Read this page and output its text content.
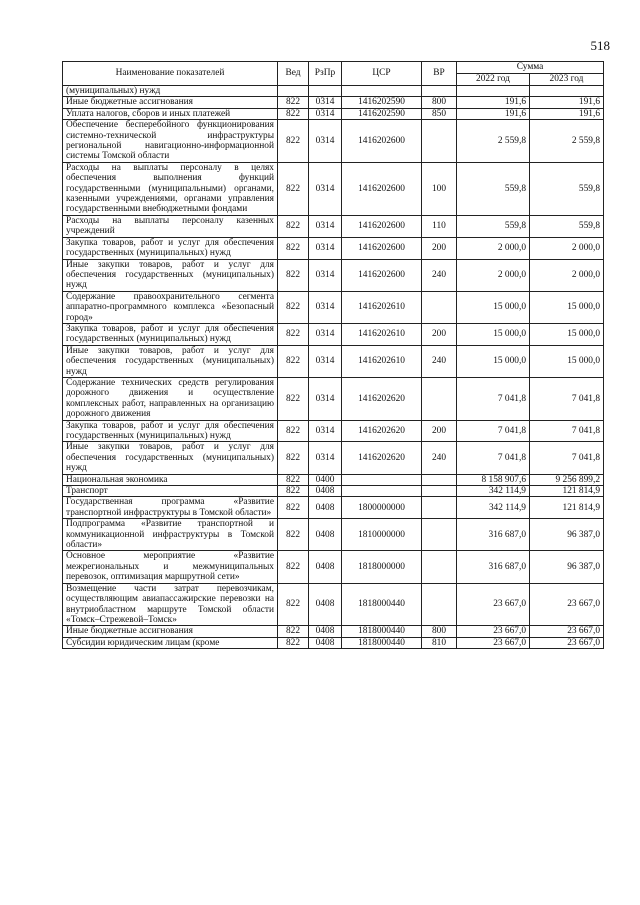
518
Наименование показателей	Вед	РзПр	ЦСР	ВР	Сумма	
					2022 год	2023 год
(муниципальных) нужд						
Иные бюджетные ассигнования	822	0314	1416202590	800	191,6	191,6
Уплата налогов, сборов и иных платежей	822	0314	1416202590	850	191,6	191,6
Обеспечение бесперебойного функционирования системно-технической инфраструктуры региональной навигационно-информационной системы Томской области	822	0314	1416202600		2 559,8	2 559,8
Расходы на выплаты персоналу в целях обеспечения выполнения функций государственными (муниципальными) органами, казенными учреждениями, органами управления государственными внебюджетными фондами	822	0314	1416202600	100	559,8	559,8
Расходы на выплаты персоналу казенных учреждений	822	0314	1416202600	110	559,8	559,8
Закупка товаров, работ и услуг для обеспечения государственных (муниципальных) нужд	822	0314	1416202600	200	2 000,0	2 000,0
Иные закупки товаров, работ и услуг для обеспечения государственных (муниципальных) нужд	822	0314	1416202600	240	2 000,0	2 000,0
Содержание правоохранительного сегмента аппаратно-программного комплекса «Безопасный город»	822	0314	1416202610		15 000,0	15 000,0
Закупка товаров, работ и услуг для обеспечения государственных (муниципальных) нужд	822	0314	1416202610	200	15 000,0	15 000,0
Иные закупки товаров, работ и услуг для обеспечения государственных (муниципальных) нужд	822	0314	1416202610	240	15 000,0	15 000,0
Содержание технических средств регулирования дорожного движения и осуществление комплексных работ, направленных на организацию дорожного движения	822	0314	1416202620		7 041,8	7 041,8
Закупка товаров, работ и услуг для обеспечения государственных (муниципальных) нужд	822	0314	1416202620	200	7 041,8	7 041,8
Иные закупки товаров, работ и услуг для обеспечения государственных (муниципальных) нужд	822	0314	1416202620	240	7 041,8	7 041,8
Национальная экономика	822	0400			8 158 907,6	9 256 899,2
Транспорт	822	0408			342 114,9	121 814,9
Государственная программа «Развитие транспортной инфраструктуры в Томской области»	822	0408	1800000000		342 114,9	121 814,9
Подпрограмма «Развитие транспортной и коммуникационной инфраструктуры в Томской области»	822	0408	1810000000		316 687,0	96 387,0
Основное мероприятие «Развитие межрегиональных и межмуниципальных перевозок, оптимизация маршрутной сети»	822	0408	1818000000		316 687,0	96 387,0
Возмещение части затрат перевозчикам, осуществляющим авиапассажирские перевозки на внутриобластном маршруте Томской области «Томск–Стрежевой–Томск»	822	0408	1818000440		23 667,0	23 667,0
Иные бюджетные ассигнования	822	0408	1818000440	800	23 667,0	23 667,0
Субсидии юридическим лицам (кроме	822	0408	1818000440	810	23 667,0	23 667,0
